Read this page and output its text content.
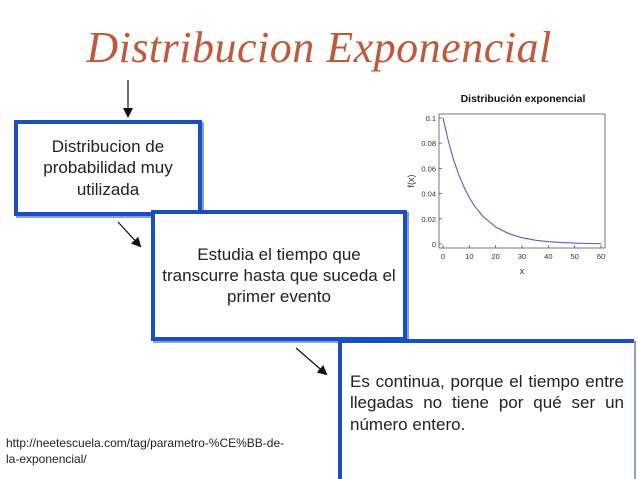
Distribucion Exponencial
Distribución exponencial
0
0.02
0.04
0.06
0.08
0.1
0	10 20 30 40 50 60
x
f(x)
Distribucion de probabilidad muy utilizada
Estudia el tiempo que transcurre hasta que suceda el primer evento
Es continua, porque el tiempo entre llegadas no tiene por qué ser un número entero.
http://neetescuela.com/tag/parametro-%CE%BB-de-la-exponencial/
